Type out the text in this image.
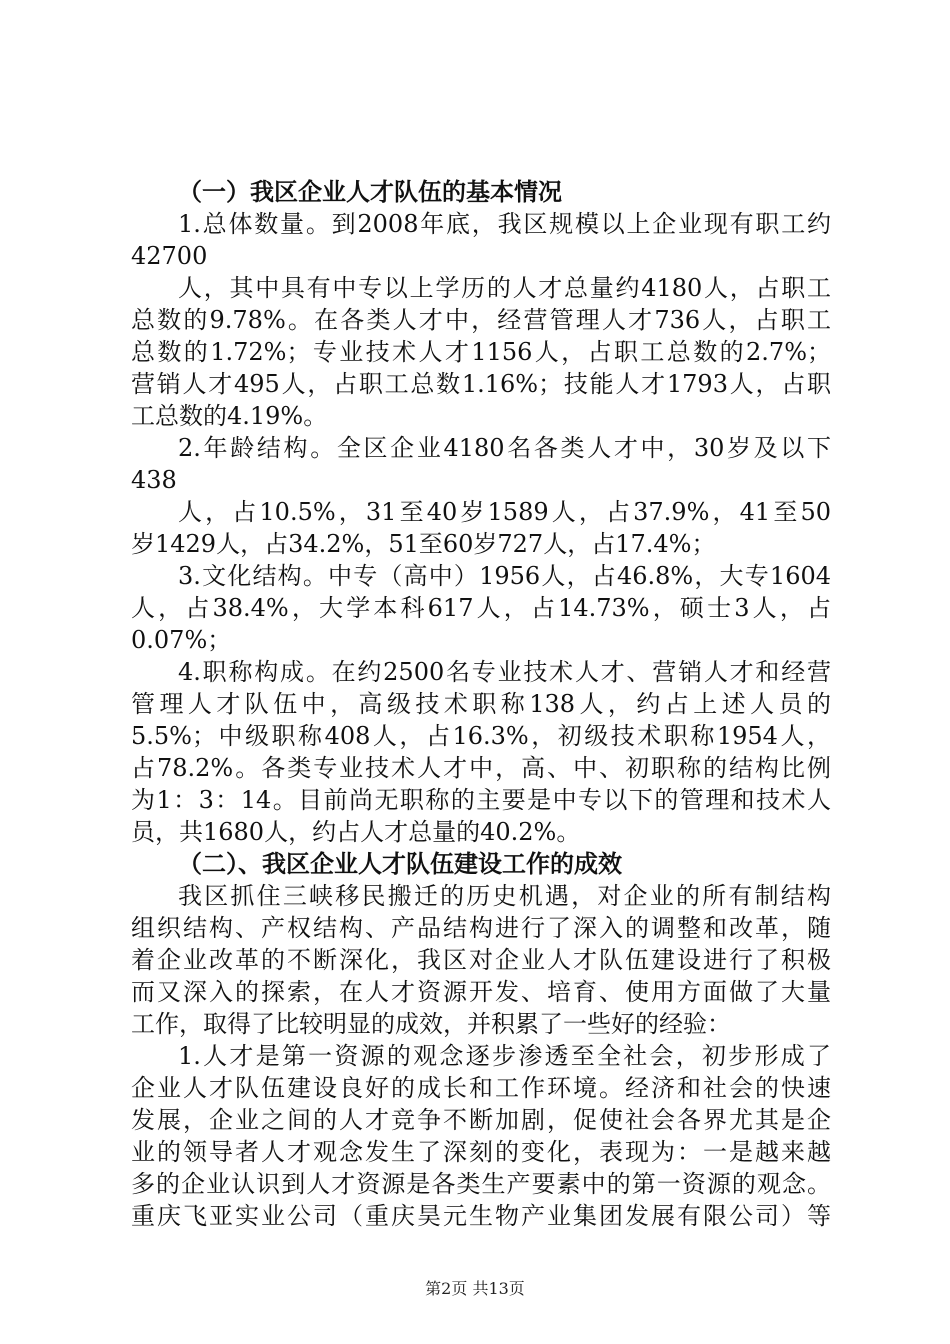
（一）我区企业人才队伍的基本情况
1.总体数量。到2008年底，我区规模以上企业现有职工约
42700
人，其中具有中专以上学历的人才总量约4180人，占职工
总数的9.78%。在各类人才中，经营管理人才736人，占职工
总数的1.72%；专业技术人才1156人，占职工总数的2.7%；
营销人才495人，占职工总数1.16%；技能人才1793人，占职
工总数的4.19%。
2.年龄结构。全区企业4180名各类人才中，30岁及以下
438
人，占10.5%，31至40岁1589人，占37.9%，41至50
岁1429人，占34.2%，51至60岁727人，占17.4%；
3.文化结构。中专（高中）1956人，占46.8%，大专1604
人，占38.4%，大学本科617人，占14.73%，硕士3人，占
0.07%；
4.职称构成。在约2500名专业技术人才、营销人才和经营
管理人才队伍中，高级技术职称138人，约占上述人员的
5.5%；中级职称408人，占16.3%，初级技术职称1954人，
占78.2%。各类专业技术人才中，高、中、初职称的结构比例
为1：3：14。目前尚无职称的主要是中专以下的管理和技术人
员，共1680人，约占人才总量的40.2%。
（二）、我区企业人才队伍建设工作的成效
我区抓住三峡移民搬迁的历史机遇，对企业的所有制结构
组织结构、产权结构、产品结构进行了深入的调整和改革，随
着企业改革的不断深化，我区对企业人才队伍建设进行了积极
而又深入的探索，在人才资源开发、培育、使用方面做了大量
工作，取得了比较明显的成效，并积累了一些好的经验：
1.人才是第一资源的观念逐步渗透至全社会，初步形成了
企业人才队伍建设良好的成长和工作环境。经济和社会的快速
发展，企业之间的人才竞争不断加剧，促使社会各界尤其是企
业的领导者人才观念发生了深刻的变化，表现为：一是越来越
多的企业认识到人才资源是各类生产要素中的第一资源的观念。
重庆飞亚实业公司（重庆昊元生物产业集团发展有限公司）等
第2页 共13页
